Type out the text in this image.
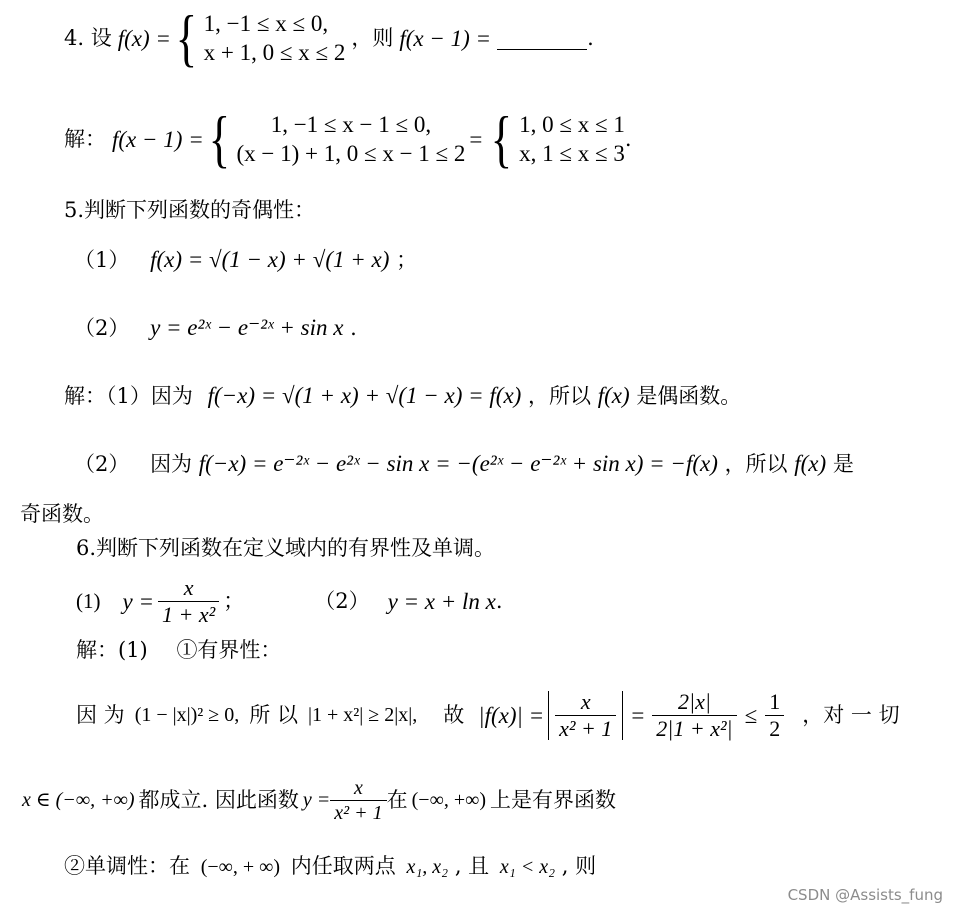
4. 设 f(x) = { 1, −1 ≤ x ≤ 0,
x + 1, 0 ≤ x ≤ 2
，则 f(x − 1) =	.
解： f(x − 1) = { 1, −1 ≤ x − 1 ≤ 0,
(x − 1) + 1, 0 ≤ x − 1 ≤ 2
= { 1, 0 ≤ x ≤ 1
x, 1 ≤ x ≤ 3
.
5.判断下列函数的奇偶性：
（1） f(x) = √(1 − x) + √(1 + x) ；
（2） y = e²ˣ − e⁻²ˣ + sin x .
解：（1）因为 f(−x) = √(1 + x) + √(1 − x) = f(x) ，所以 f(x) 是偶函数。
（2） 因为 f(−x) = e⁻²ˣ − e²ˣ − sin x = −(e²ˣ − e⁻²ˣ + sin x) = −f(x) ，所以 f(x) 是
奇函数。
6.判断下列函数在定义域内的有界性及单调。
(1) $y = \frac{x}{\text{1 + x²}}$ ；	（2） y = x + ln x .
解：(1) ①有界性：
因 为 (1 − |x|)² ≥ 0, 所 以 |1 + x²| ≥ 2|x|, 故 $|f(x)| = \frac{x}{\text{x² + 1}} = \frac{2|x|}{\text{2|1 + x²|}} \le \frac{1}{2}$ ，对 一 切
x ∈ (−∞, +∞) 都成立. 因此函数 $y = \frac{x}{\text{x² + 1}}$ 在 (−∞, +∞) 上是有界函数
②单调性：在 (−∞, + ∞) 内任取两点 x₁, x₂ , 且 x₁ < x₂ , 则
CSDN @Assists_fung
